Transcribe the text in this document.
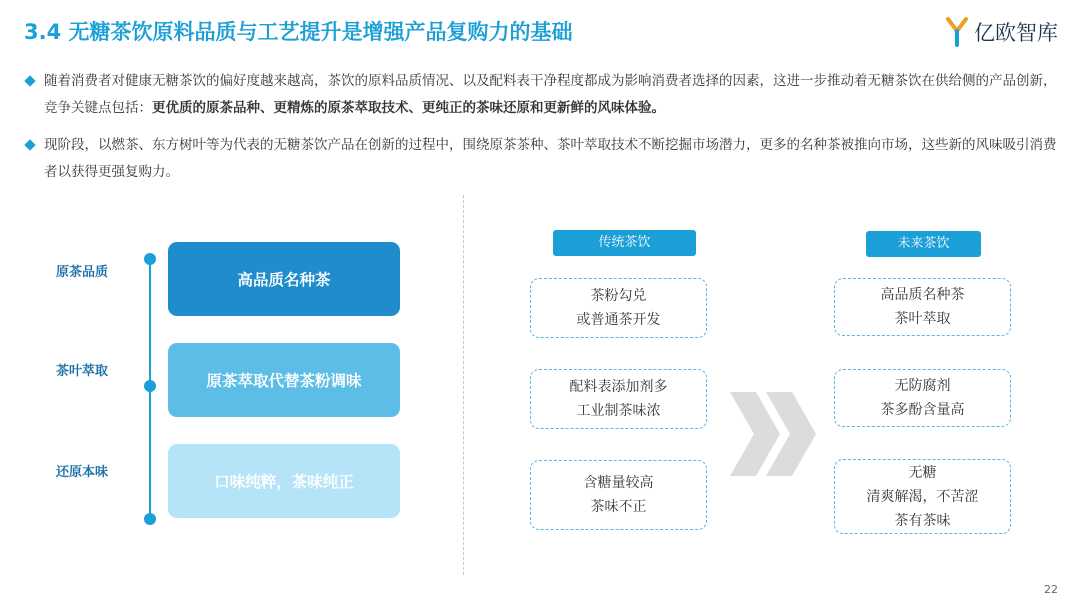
3.4 无糖茶饮原料品质与工艺提升是增强产品复购力的基础	亿欧智库
随着消费者对健康无糖茶饮的偏好度越来越高，茶饮的原料品质情况、以及配料表干净程度都成为影响消费者选择的因素，这进一步推动着无糖茶饮在供给侧的产品创新，竞争关键点包括：更优质的原茶品种、更精炼的原茶萃取技术、更纯正的茶味还原和更新鲜的风味体验。
现阶段，以燃茶、东方树叶等为代表的无糖茶饮产品在创新的过程中，围绕原茶茶种、茶叶萃取技术不断挖掘市场潜力，更多的名种茶被推向市场，这些新的风味吸引消费者以获得更强复购力。
原茶品质
茶叶萃取
还原本味
高品质名种茶
原茶萃取代替茶粉调味
口味纯粹，茶味纯正
传统茶饮	未来茶饮
茶粉勾兑
或普通茶开发
配料表添加剂多
工业制茶味浓
含糖量较高
茶味不正
高品质名种茶
茶叶萃取
无防腐剂
茶多酚含量高
无糖
清爽解渴，不苦涩
茶有茶味
22
